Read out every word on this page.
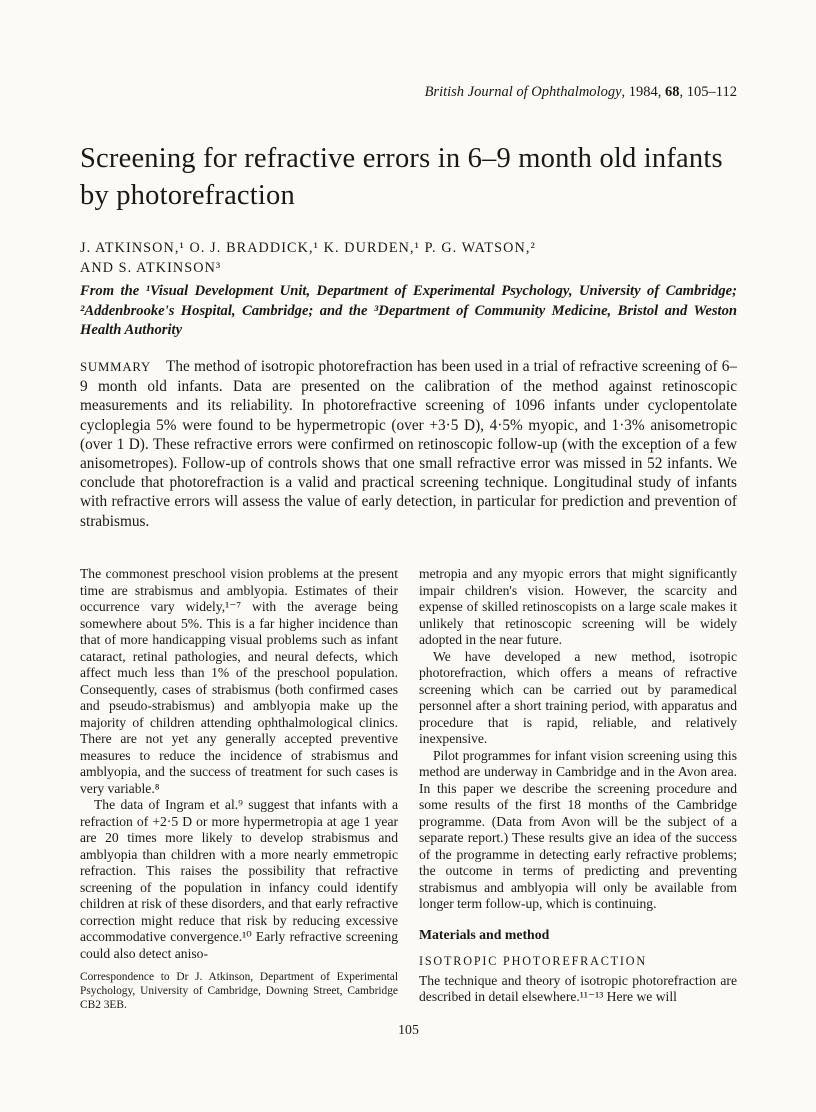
British Journal of Ophthalmology, 1984, 68, 105–112
Screening for refractive errors in 6–9 month old infants by photorefraction
J. ATKINSON,¹ O. J. BRADDICK,¹ K. DURDEN,¹ P. G. WATSON,²
AND S. ATKINSON³
From the ¹Visual Development Unit, Department of Experimental Psychology, University of Cambridge; ²Addenbrooke's Hospital, Cambridge; and the ³Department of Community Medicine, Bristol and Weston Health Authority
SUMMARY The method of isotropic photorefraction has been used in a trial of refractive screening of 6–9 month old infants. Data are presented on the calibration of the method against retinoscopic measurements and its reliability. In photorefractive screening of 1096 infants under cyclopentolate cycloplegia 5% were found to be hypermetropic (over +3·5 D), 4·5% myopic, and 1·3% anisometropic (over 1 D). These refractive errors were confirmed on retinoscopic follow-up (with the exception of a few anisometropes). Follow-up of controls shows that one small refractive error was missed in 52 infants. We conclude that photorefraction is a valid and practical screening technique. Longitudinal study of infants with refractive errors will assess the value of early detection, in particular for prediction and prevention of strabismus.

The commonest preschool vision problems at the present time are strabismus and amblyopia. Estimates of their occurrence vary widely,¹⁻⁷ with the average being somewhere about 5%. This is a far higher incidence than that of more handicapping visual problems such as infant cataract, retinal pathologies, and neural defects, which affect much less than 1% of the preschool population. Consequently, cases of strabismus (both confirmed cases and pseudo-strabismus) and amblyopia make up the majority of children attending ophthalmological clinics. There are not yet any generally accepted preventive measures to reduce the incidence of strabismus and amblyopia, and the success of treatment for such cases is very variable.⁸

The data of Ingram et al.⁹ suggest that infants with a refraction of +2·5 D or more hypermetropia at age 1 year are 20 times more likely to develop strabismus and amblyopia than children with a more nearly emmetropic refraction. This raises the possibility that refractive screening of the population in infancy could identify children at risk of these disorders, and that early refractive correction might reduce that risk by reducing excessive accommodative convergence.¹⁰ Early refractive screening could also detect aniso-

Correspondence to Dr J. Atkinson, Department of Experimental Psychology, University of Cambridge, Downing Street, Cambridge CB2 3EB.

metropia and any myopic errors that might significantly impair children's vision. However, the scarcity and expense of skilled retinoscopists on a large scale makes it unlikely that retinoscopic screening will be widely adopted in the near future.

We have developed a new method, isotropic photorefraction, which offers a means of refractive screening which can be carried out by paramedical personnel after a short training period, with apparatus and procedure that is rapid, reliable, and relatively inexpensive.

Pilot programmes for infant vision screening using this method are underway in Cambridge and in the Avon area. In this paper we describe the screening procedure and some results of the first 18 months of the Cambridge programme. (Data from Avon will be the subject of a separate report.) These results give an idea of the success of the programme in detecting early refractive problems; the outcome in terms of predicting and preventing strabismus and amblyopia will only be available from longer term follow-up, which is continuing.

Materials and method
ISOTROPIC PHOTOREFRACTION

The technique and theory of isotropic photorefraction are described in detail elsewhere.¹¹⁻¹³ Here we will

105
